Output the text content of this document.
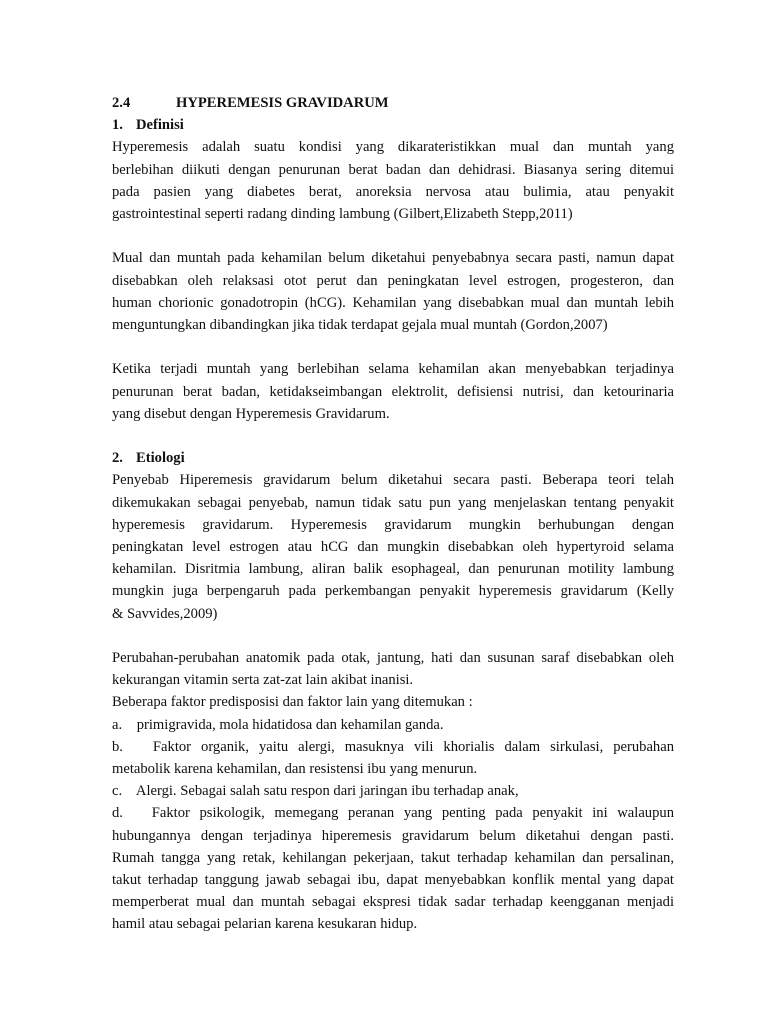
2.4	HYPEREMESIS GRAVIDARUM
1. Definisi
Hyperemesis adalah suatu kondisi yang dikarateristikkan mual dan muntah yang
berlebihan diikuti dengan penurunan berat badan dan dehidrasi. Biasanya sering ditemui
pada pasien yang diabetes berat, anoreksia nervosa atau bulimia, atau penyakit
gastrointestinal seperti radang dinding lambung (Gilbert,Elizabeth Stepp,2011)
Mual dan muntah pada kehamilan belum diketahui penyebabnya secara pasti, namun dapat
disebabkan oleh relaksasi otot perut dan peningkatan level estrogen, progesteron, dan
human chorionic gonadotropin (hCG). Kehamilan yang disebabkan mual dan muntah lebih
menguntungkan dibandingkan jika tidak terdapat gejala mual muntah (Gordon,2007)
Ketika terjadi muntah yang berlebihan selama kehamilan akan menyebabkan terjadinya
penurunan berat badan, ketidakseimbangan elektrolit, defisiensi nutrisi, dan ketourinaria
yang disebut dengan Hyperemesis Gravidarum.
2. Etiologi
Penyebab Hiperemesis gravidarum belum diketahui secara pasti. Beberapa teori telah
dikemukakan sebagai penyebab, namun tidak satu pun yang menjelaskan tentang penyakit
hyperemesis gravidarum. Hyperemesis gravidarum mungkin berhubungan dengan
peningkatan level estrogen atau hCG dan mungkin disebabkan oleh hypertyroid selama
kehamilan. Disritmia lambung, aliran balik esophageal, dan penurunan motility lambung
mungkin juga berpengaruh pada perkembangan penyakit hyperemesis gravidarum (Kelly
& Savvides,2009)
Perubahan-perubahan anatomik pada otak, jantung, hati dan susunan saraf disebabkan oleh
kekurangan vitamin serta zat-zat lain akibat inanisi.
Beberapa faktor predisposisi dan faktor lain yang ditemukan :
a.    primigravida, mola hidatidosa dan kehamilan ganda.
b.   Faktor organik, yaitu alergi, masuknya vili khorialis dalam sirkulasi, perubahan
metabolik karena kehamilan, dan resistensi ibu yang menurun.
c.    Alergi. Sebagai salah satu respon dari jaringan ibu terhadap anak,
d.   Faktor psikologik, memegang peranan yang penting pada penyakit ini walaupun
hubungannya dengan terjadinya hiperemesis gravidarum belum diketahui dengan pasti.
Rumah tangga yang retak, kehilangan pekerjaan, takut terhadap kehamilan dan persalinan,
takut terhadap tanggung jawab sebagai ibu, dapat menyebabkan konflik mental yang dapat
memperberat mual dan muntah sebagai ekspresi tidak sadar terhadap keengganan menjadi
hamil atau sebagai pelarian karena kesukaran hidup.
